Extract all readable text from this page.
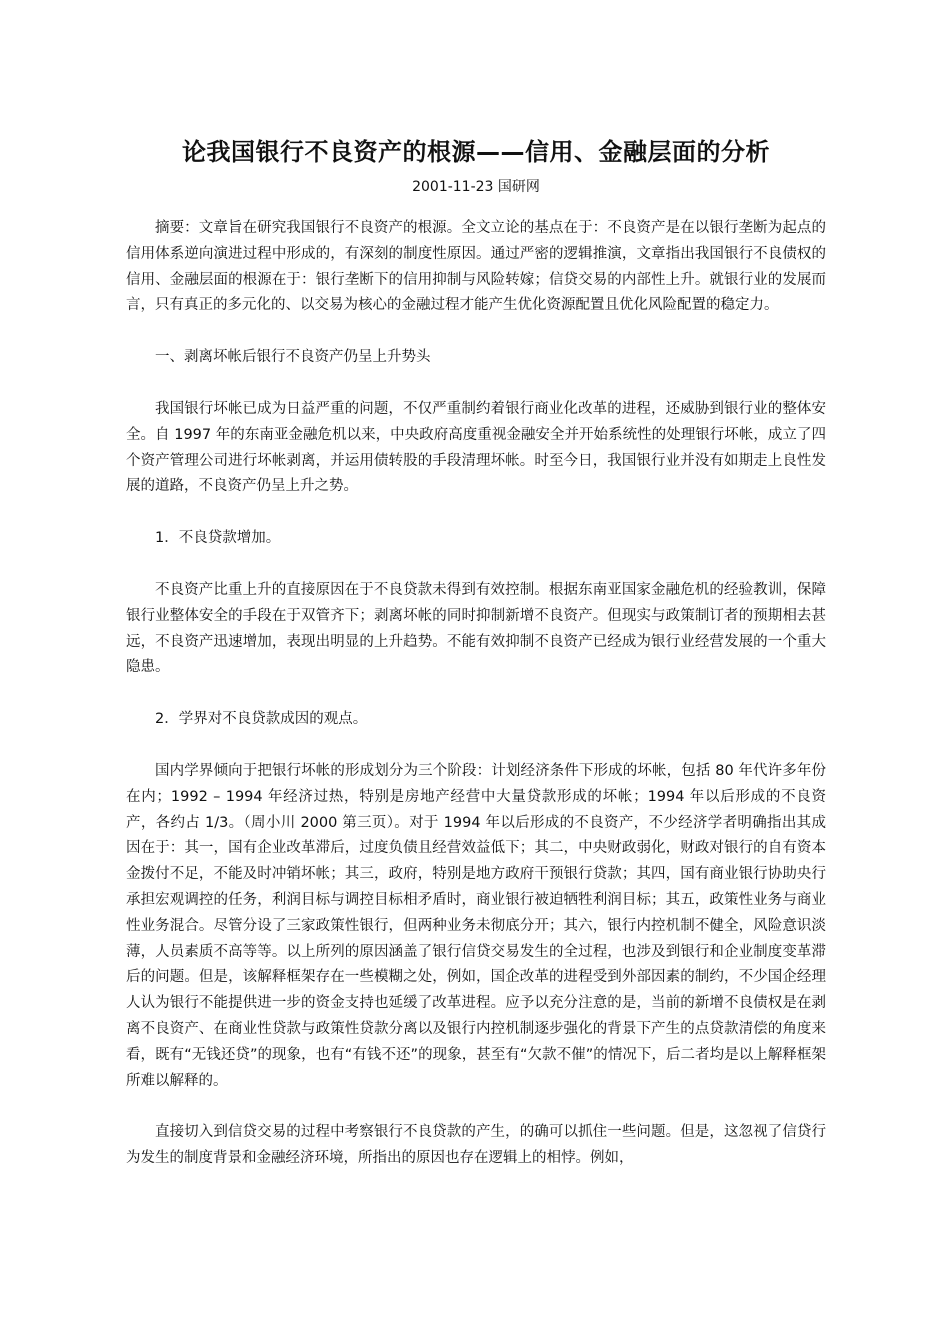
论我国银行不良资产的根源——信用、金融层面的分析

2001-11-23 国研网

摘要：文章旨在研究我国银行不良资产的根源。全文立论的基点在于：不良资产是在以银行垄断为起点的信用体系逆向演进过程中形成的，有深刻的制度性原因。通过严密的逻辑推演，文章指出我国银行不良债权的信用、金融层面的根源在于：银行垄断下的信用抑制与风险转嫁；信贷交易的内部性上升。就银行业的发展而言，只有真正的多元化的、以交易为核心的金融过程才能产生优化资源配置且优化风险配置的稳定力。

一、剥离坏帐后银行不良资产仍呈上升势头

我国银行坏帐已成为日益严重的问题，不仅严重制约着银行商业化改革的进程，还威胁到银行业的整体安全。自 1997 年的东南亚金融危机以来，中央政府高度重视金融安全并开始系统性的处理银行坏帐，成立了四个资产管理公司进行坏帐剥离，并运用债转股的手段清理坏帐。时至今日，我国银行业并没有如期走上良性发展的道路，不良资产仍呈上升之势。

1．不良贷款增加。

不良资产比重上升的直接原因在于不良贷款未得到有效控制。根据东南亚国家金融危机的经验教训，保障银行业整体安全的手段在于双管齐下；剥离坏帐的同时抑制新增不良资产。但现实与政策制订者的预期相去甚远，不良资产迅速增加，表现出明显的上升趋势。不能有效抑制不良资产已经成为银行业经营发展的一个重大隐患。

2．学界对不良贷款成因的观点。

国内学界倾向于把银行坏帐的形成划分为三个阶段：计划经济条件下形成的坏帐，包括 80 年代许多年份在内；1992 – 1994 年经济过热，特别是房地产经营中大量贷款形成的坏帐；1994 年以后形成的不良资产，各约占 1/3。（周小川 2000 第三页）。对于 1994 年以后形成的不良资产，不少经济学者明确指出其成因在于：其一，国有企业改革滞后，过度负债且经营效益低下；其二，中央财政弱化，财政对银行的自有资本金拨付不足，不能及时冲销坏帐；其三，政府，特别是地方政府干预银行贷款；其四，国有商业银行协助央行承担宏观调控的任务，利润目标与调控目标相矛盾时，商业银行被迫牺牲利润目标；其五，政策性业务与商业性业务混合。尽管分设了三家政策性银行，但两种业务未彻底分开；其六，银行内控机制不健全，风险意识淡薄，人员素质不高等等。以上所列的原因涵盖了银行信贷交易发生的全过程，也涉及到银行和企业制度变革滞后的问题。但是，该解释框架存在一些模糊之处，例如，国企改革的进程受到外部因素的制约，不少国企经理人认为银行不能提供进一步的资金支持也延缓了改革进程。应予以充分注意的是，当前的新增不良债权是在剥离不良资产、在商业性贷款与政策性贷款分离以及银行内控机制逐步强化的背景下产生的点贷款清偿的角度来看，既有“无钱还贷”的现象，也有“有钱不还”的现象，甚至有“欠款不催”的情况下，后二者均是以上解释框架所难以解释的。

直接切入到信贷交易的过程中考察银行不良贷款的产生，的确可以抓住一些问题。但是，这忽视了信贷行为发生的制度背景和金融经济环境，所指出的原因也存在逻辑上的相悖。例如，
